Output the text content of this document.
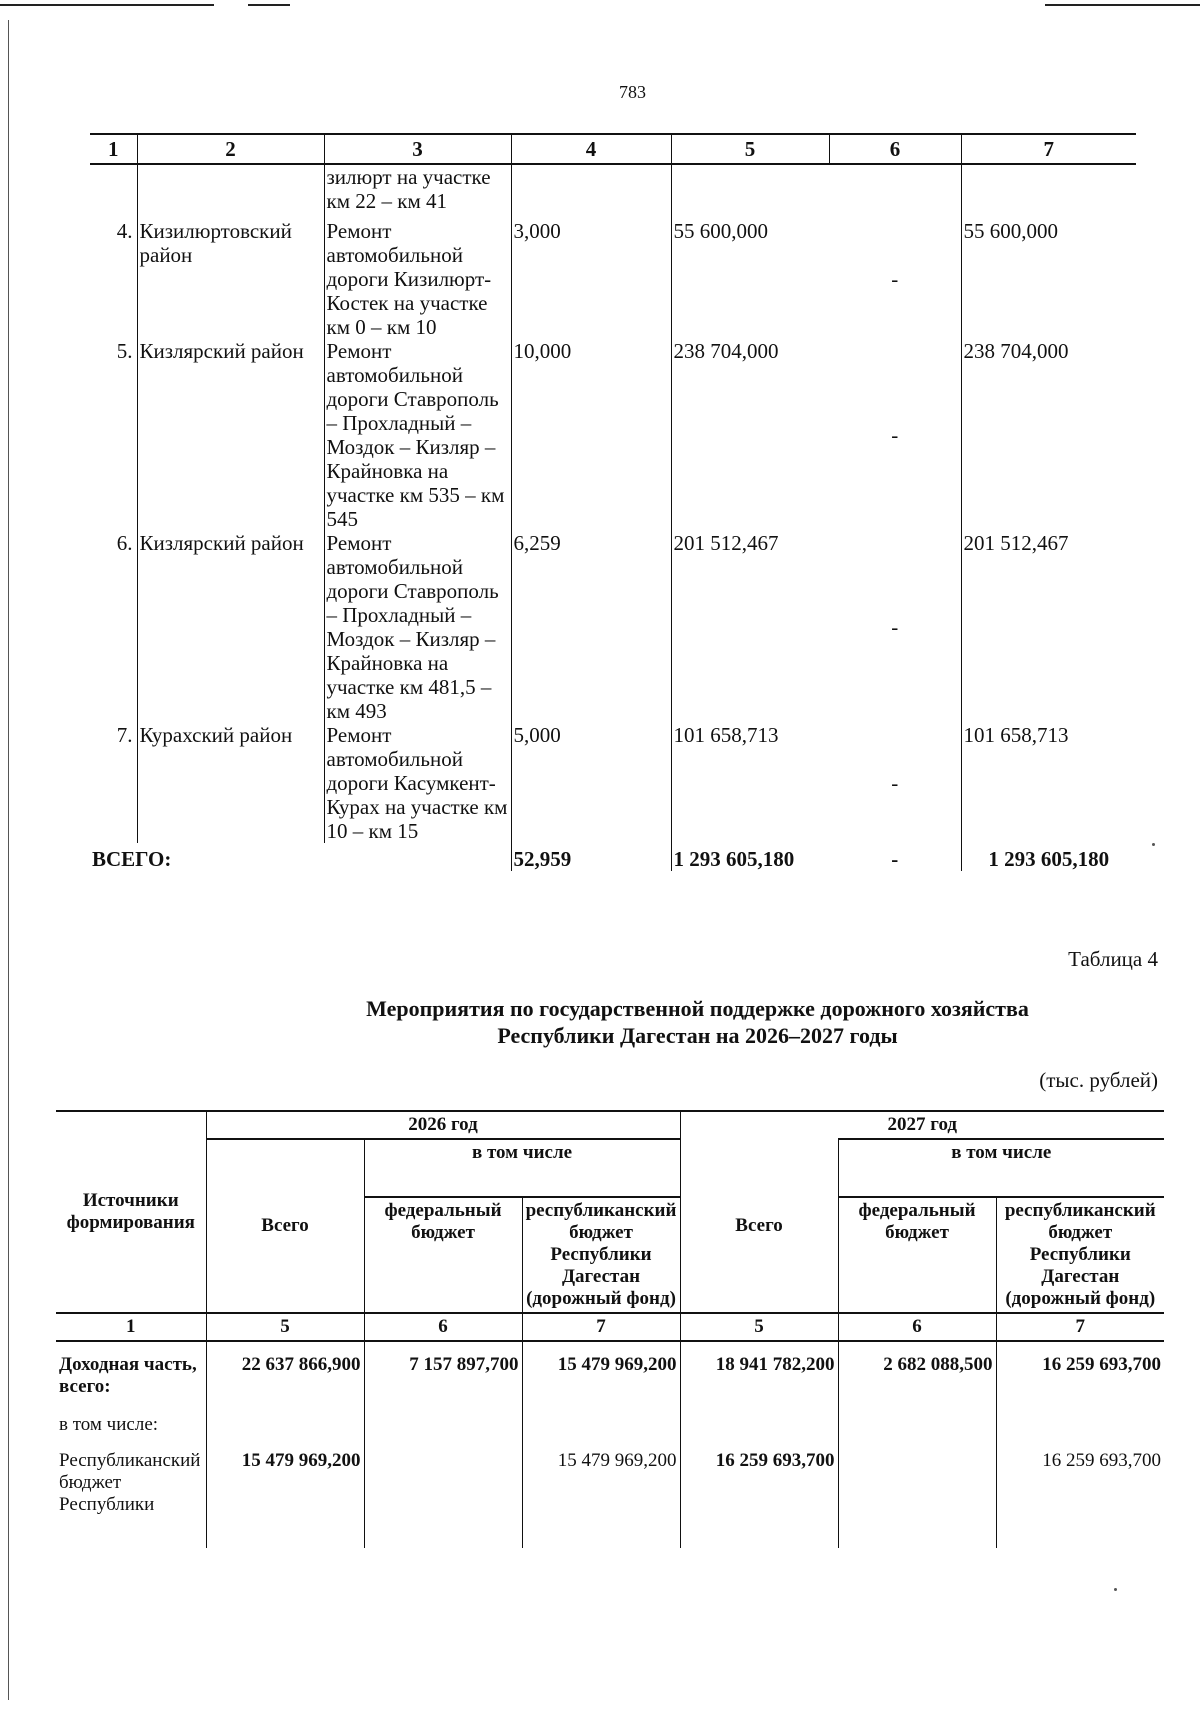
783
1	2	3	4	5	6	7
		зилюрт на участке км 22 – км 41				
4.	Кизилюртовский район	Ремонт автомобильной дороги Кизилюрт-Костек на участке км 0 – км 10	3,000	55 600,000	-	55 600,000
5.	Кизлярский район	Ремонт автомобильной дороги Ставрополь – Прохладный – Моздок – Кизляр – Крайновка на участке км 535 – км 545	10,000	238 704,000	-	238 704,000
6.	Кизлярский район	Ремонт автомобильной дороги Ставрополь – Прохладный – Моздок – Кизляр – Крайновка на участке км 481,5 – км 493	6,259	201 512,467	-	201 512,467
7.	Курахский район	Ремонт автомобильной дороги Касумкент-Курах на участке км 10 – км 15	5,000	101 658,713	-	101 658,713
ВСЕГО:			52,959	1 293 605,180	-	1 293 605,180
Таблица 4
Мероприятия по государственной поддержке дорожного хозяйства
Республики Дагестан на 2026–2027 годы
(тыс. рублей)
Источники формирования	2026 год			2027 год		
	Всего	в том числе		Всего	в том числе	
		федеральный бюджет	республиканский бюджет Республики Дагестан (дорожный фонд)		федеральный бюджет	республиканский бюджет Республики Дагестан (дорожный фонд)
1	5	6	7	5	6	7
Доходная часть, всего:	22 637 866,900	7 157 897,700	15 479 969,200	18 941 782,200	2 682 088,500	16 259 693,700
в том числе:						
Республиканский бюджет Республики	15 479 969,200		15 479 969,200	16 259 693,700		16 259 693,700
